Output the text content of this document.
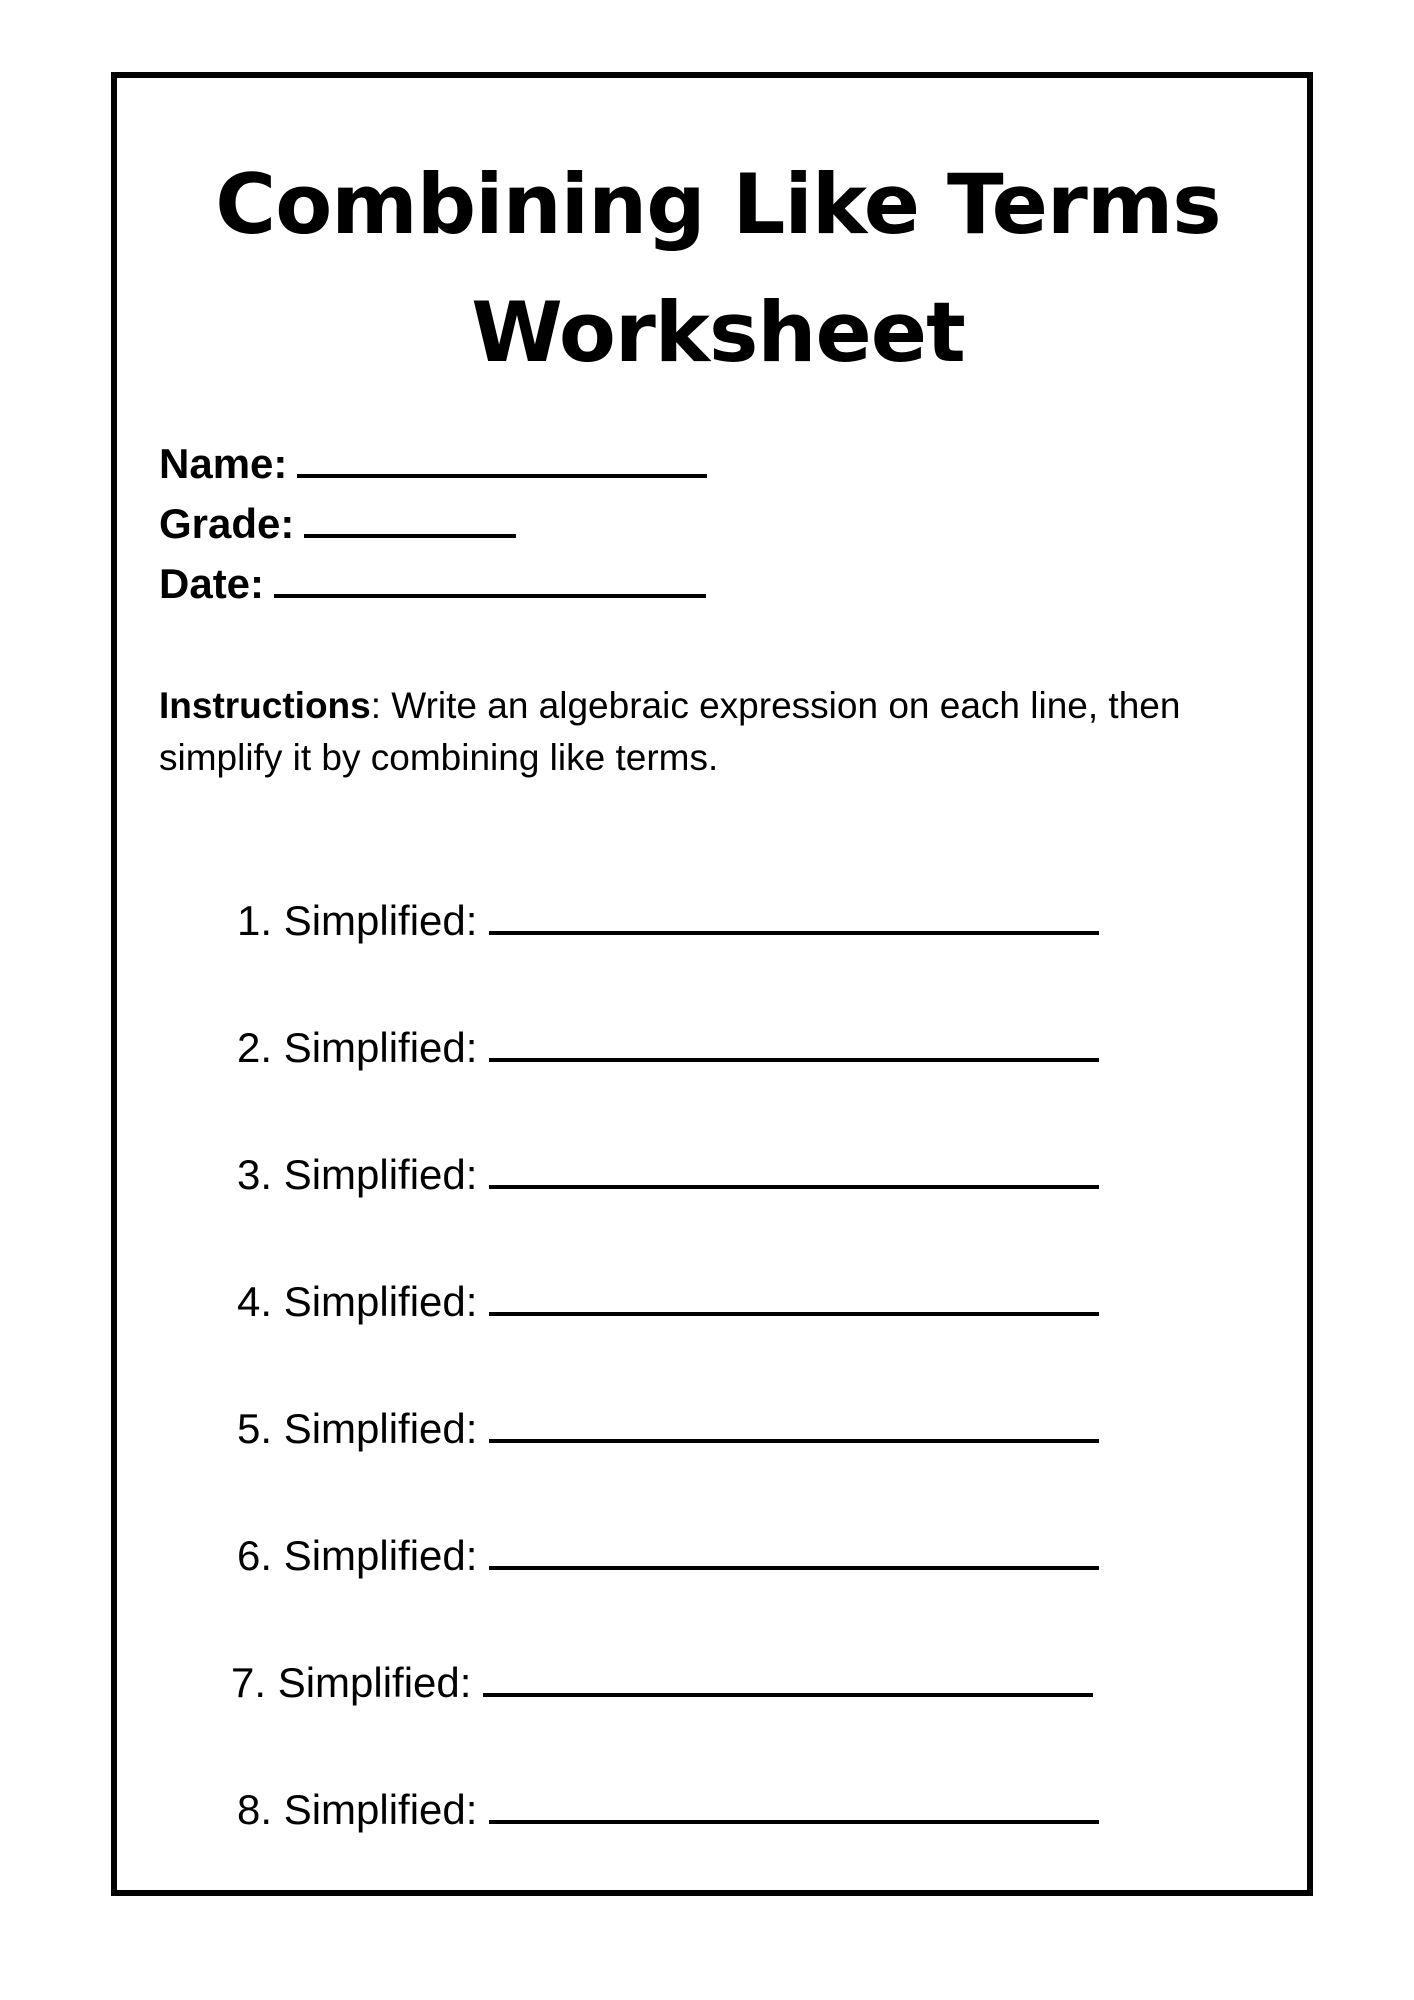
Combining Like Terms
Worksheet
Name:
Grade:
Date:
Instructions: Write an algebraic expression on each line, then simplify it by combining like terms.
1. Simplified:
2. Simplified:
3. Simplified:
4. Simplified:
5. Simplified:
6. Simplified:
7. Simplified:
8. Simplified:
